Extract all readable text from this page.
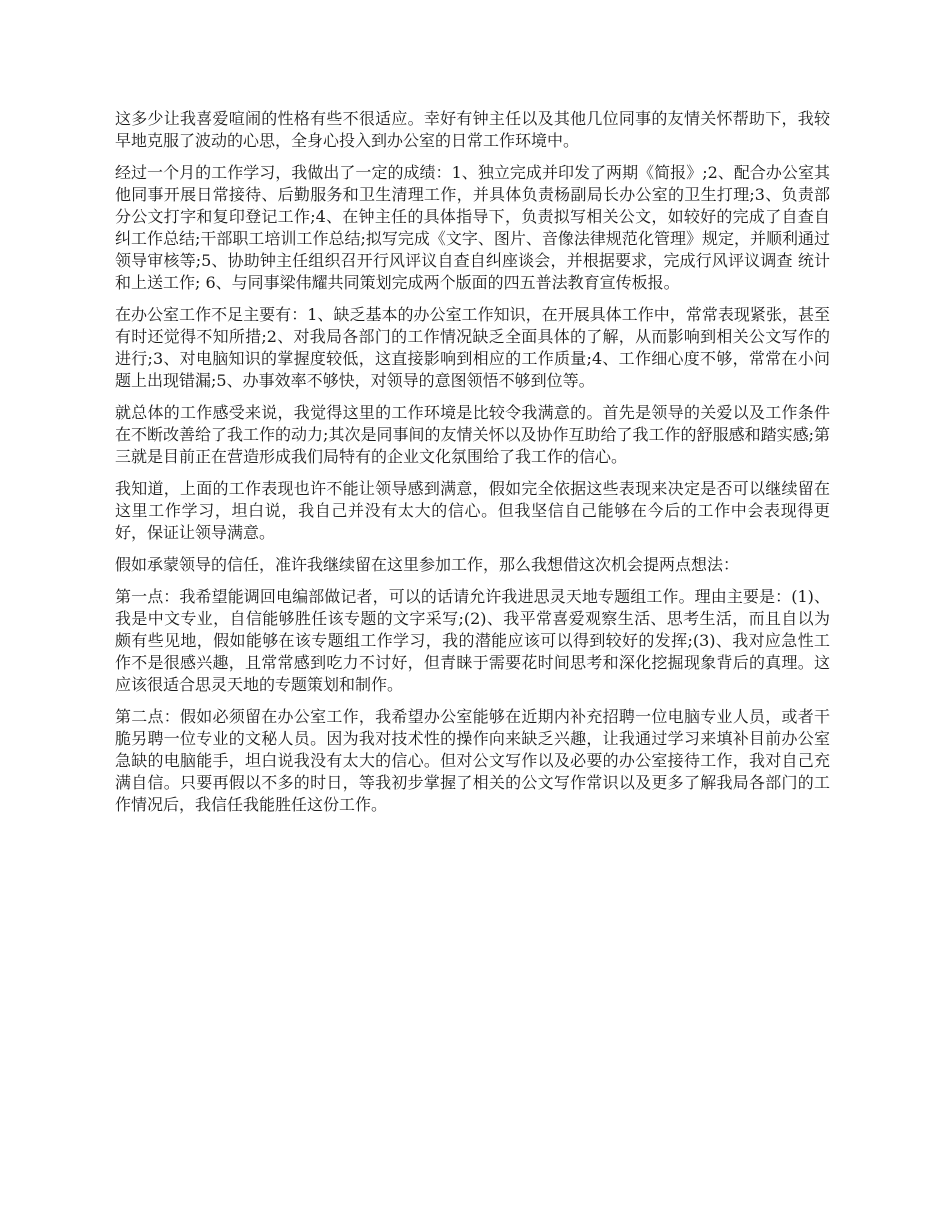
这多少让我喜爱喧闹的性格有些不很适应。幸好有钟主任以及其他几位同事的友情关怀帮助下，我较早地克服了波动的心思，全身心投入到办公室的日常工作环境中。

经过一个月的工作学习，我做出了一定的成绩：1、独立完成并印发了两期《简报》;2、配合办公室其他同事开展日常接待、后勤服务和卫生清理工作，并具体负责杨副局长办公室的卫生打理;3、负责部分公文打字和复印登记工作;4、在钟主任的具体指导下，负责拟写相关公文，如较好的完成了自查自纠工作总结;干部职工培训工作总结;拟写完成《文字、图片、音像法律规范化管理》规定，并顺利通过领导审核等;5、协助钟主任组织召开行风评议自查自纠座谈会，并根据要求，完成行风评议调查 统计和上送工作; 6、与同事梁伟耀共同策划完成两个版面的四五普法教育宣传板报。

在办公室工作不足主要有：1、缺乏基本的办公室工作知识，在开展具体工作中，常常表现紧张，甚至有时还觉得不知所措;2、对我局各部门的工作情况缺乏全面具体的了解，从而影响到相关公文写作的进行;3、对电脑知识的掌握度较低，这直接影响到相应的工作质量;4、工作细心度不够，常常在小问题上出现错漏;5、办事效率不够快，对领导的意图领悟不够到位等。

就总体的工作感受来说，我觉得这里的工作环境是比较令我满意的。首先是领导的关爱以及工作条件在不断改善给了我工作的动力;其次是同事间的友情关怀以及协作互助给了我工作的舒服感和踏实感;第三就是目前正在营造形成我们局特有的企业文化氛围给了我工作的信心。

我知道，上面的工作表现也许不能让领导感到满意，假如完全依据这些表现来决定是否可以继续留在这里工作学习，坦白说，我自己并没有太大的信心。但我坚信自己能够在今后的工作中会表现得更好，保证让领导满意。

假如承蒙领导的信任，准许我继续留在这里参加工作，那么我想借这次机会提两点想法：

第一点：我希望能调回电编部做记者，可以的话请允许我进思灵天地专题组工作。理由主要是：(1)、我是中文专业，自信能够胜任该专题的文字采写;(2)、我平常喜爱观察生活、思考生活，而且自以为颇有些见地，假如能够在该专题组工作学习，我的潜能应该可以得到较好的发挥;(3)、我对应急性工作不是很感兴趣，且常常感到吃力不讨好，但青睐于需要花时间思考和深化挖掘现象背后的真理。这应该很适合思灵天地的专题策划和制作。

第二点：假如必须留在办公室工作，我希望办公室能够在近期内补充招聘一位电脑专业人员，或者干脆另聘一位专业的文秘人员。因为我对技术性的操作向来缺乏兴趣，让我通过学习来填补目前办公室急缺的电脑能手，坦白说我没有太大的信心。但对公文写作以及必要的办公室接待工作，我对自己充满自信。只要再假以不多的时日，等我初步掌握了相关的公文写作常识以及更多了解我局各部门的工作情况后，我信任我能胜任这份工作。
